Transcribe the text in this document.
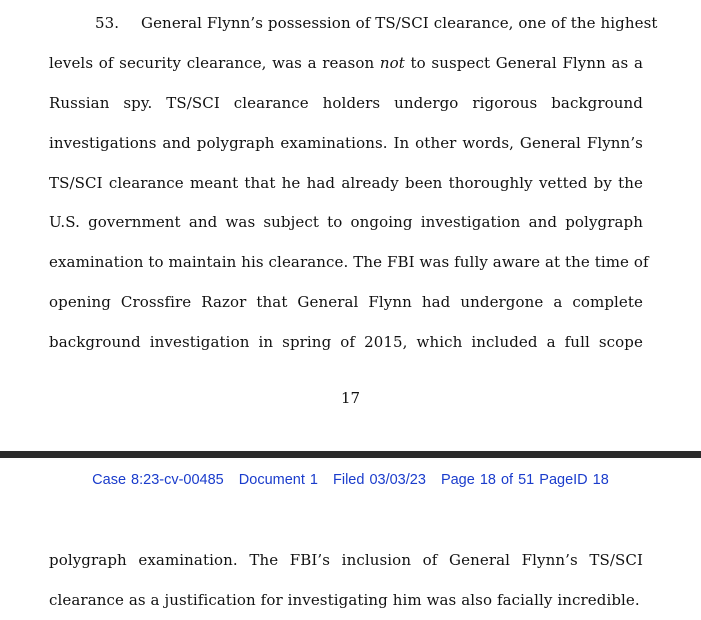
53.	General Flynn’s possession of TS/SCI clearance, one of the highest
levels of security clearance, was a reason not to suspect General Flynn as a
Russian spy. TS/SCI clearance holders undergo rigorous background
investigations and polygraph examinations. In other words, General Flynn’s
TS/SCI clearance meant that he had already been thoroughly vetted by the
U.S. government and was subject to ongoing investigation and polygraph
examination to maintain his clearance. The FBI was fully aware at the time of
opening Crossfire Razor that General Flynn had undergone a complete
background investigation in spring of 2015, which included a full scope
17
Case 8:23-cv-00485 Document 1 Filed 03/03/23 Page 18 of 51 PageID 18
polygraph examination. The FBI’s inclusion of General Flynn’s TS/SCI
clearance as a justification for investigating him was also facially incredible.
